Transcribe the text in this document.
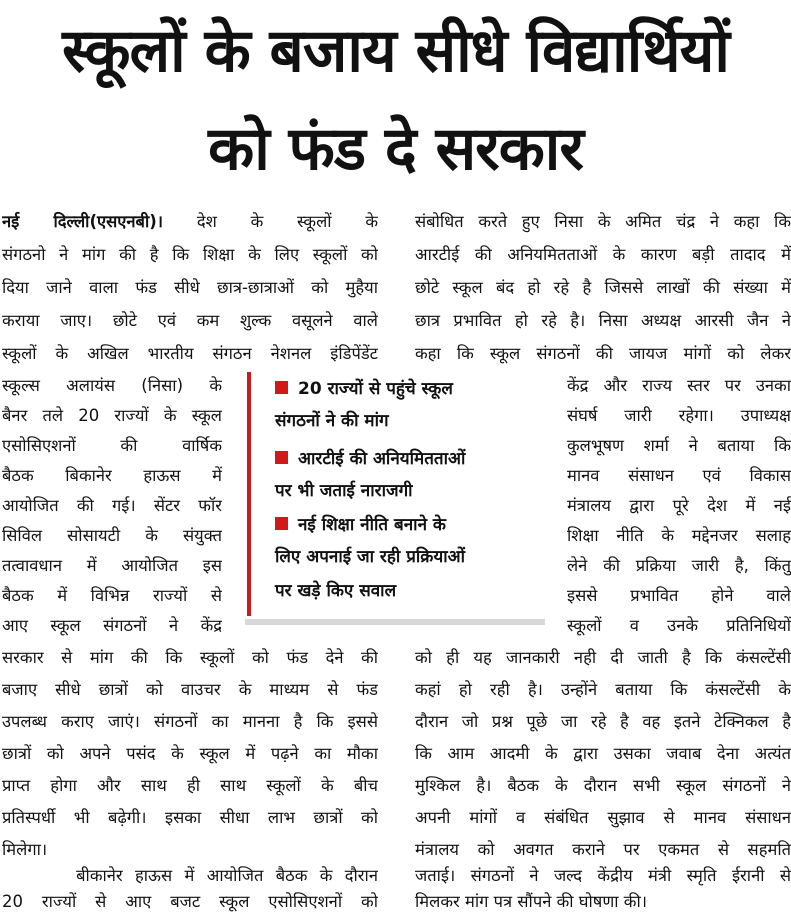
स्कूलों के बजाय सीधे विद्यार्थियों
को फंड दे सरकार
नई दिल्ली(एसएनबी)। देश के स्कूलों के
संगठनो ने मांग की है कि शिक्षा के लिए स्कूलों को
दिया जाने वाला फंड सीधे छात्र-छात्राओं को मुहैया
कराया जाए। छोटे एवं कम शुल्क वसूलने वाले
स्कूलों के अखिल भारतीय संगठन नेशनल इंडिपेंडेंट
स्कूल्स अलायंस (निसा) के
बैनर तले 20 राज्यों के स्कूल
एसोसिएशनों की वार्षिक
बैठक बिकानेर हाऊस में
आयोजित की गई। सेंटर फॉर
सिविल सोसायटी के संयुक्त
तत्वावधान में आयोजित इस
बैठक में विभिन्न राज्यों से
आए स्कूल संगठनों ने केंद्र
सरकार से मांग की कि स्कूलों को फंड देने की
बजाए सीधे छात्रों को वाउचर के माध्यम से फंड
उपलब्ध कराए जाएं। संगठनों का मानना है कि इससे
छात्रों को अपने पसंद के स्कूल में पढ़ने का मौका
प्राप्त होगा और साथ ही साथ स्कूलों के बीच
प्रतिस्पर्धी भी बढ़ेगी। इसका सीधा लाभ छात्रों को
मिलेगा।
बीकानेर हाऊस में आयोजित बैठक के दौरान
20 राज्यों से आए बजट स्कूल एसोसिएशनों को
संबोधित करते हुए निसा के अमित चंद्र ने कहा कि
आरटीई की अनियमितताओं के कारण बड़ी तादाद में
छोटे स्कूल बंद हो रहे है जिससे लाखों की संख्या में
छात्र प्रभावित हो रहे है। निसा अध्यक्ष आरसी जैन ने
कहा कि स्कूल संगठनों की जायज मांगों को लेकर
केंद्र और राज्य स्तर पर उनका
संघर्ष जारी रहेगा। उपाध्यक्ष
कुलभूषण शर्मा ने बताया कि
मानव संसाधन एवं विकास
मंत्रालय द्वारा पूरे देश में नई
शिक्षा नीति के मद्देनजर सलाह
लेने की प्रक्रिया जारी है, किंतु
इससे प्रभावित होने वाले
स्कूलों व उनके प्रतिनिधियों
को ही यह जानकारी नही दी जाती है कि कंसल्टेंसी
कहां हो रही है। उन्होंने बताया कि कंसल्टेंसी के
दौरान जो प्रश्न पूछे जा रहे है वह इतने टेक्निकल है
कि आम आदमी के द्वारा उसका जवाब देना अत्यंत
मुश्किल है। बैठक के दौरान सभी स्कूल संगठनों ने
अपनी मांगों व संबंधित सुझाव से मानव संसाधन
मंत्रालय को अवगत कराने पर एकमत से सहमति
जताई। संगठनों ने जल्द केंद्रीय मंत्री स्मृति ईरानी से
मिलकर मांग पत्र सौंपने की घोषणा की।
20 राज्यों से पहुंचे स्कूल
संगठनों ने की मांग
आरटीई की अनियमितताओं
पर भी जताई नाराजगी
नई शिक्षा नीति बनाने के
लिए अपनाई जा रही प्रक्रियाओं
पर खड़े किए सवाल
